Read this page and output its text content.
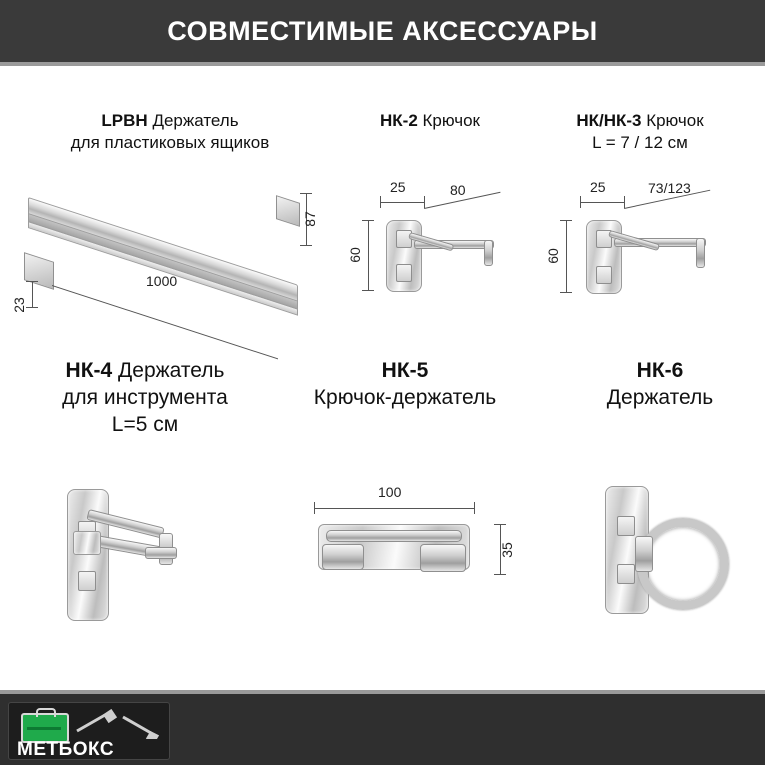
СОВМЕСТИМЫЕ АКСЕССУАРЫ
LPBH Держатель
для пластиковых ящиков
87
1000
23
НК-2 Крючок
25	80
60
НК/НК-3 Крючок
L = 7 / 12 см
25	73/123
60
НК-4 Держатель
для инструмента
L=5 см
НК-5
Крючок-держатель
100
35
НК-6
Держатель
МЕТБОКС
